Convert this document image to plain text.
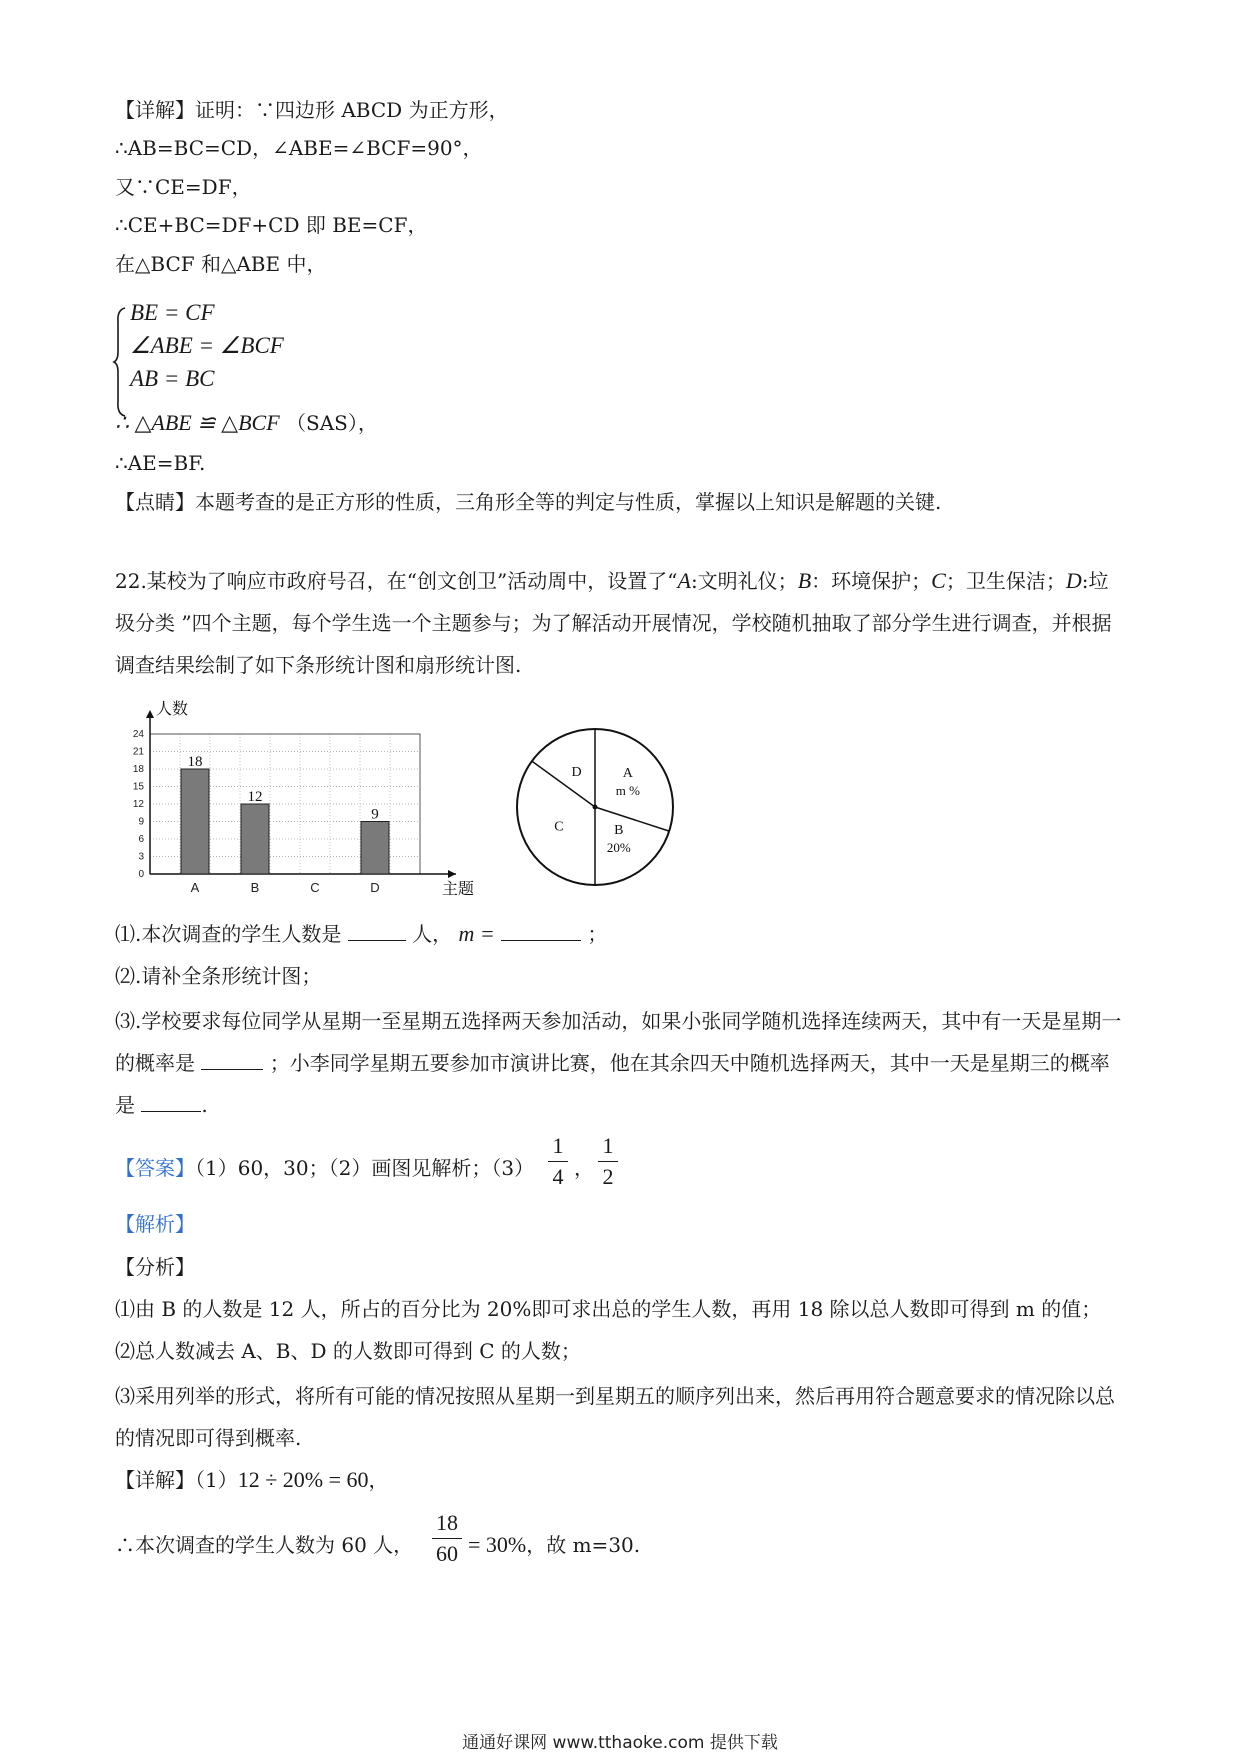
【详解】证明：∵四边形 ABCD 为正方形，
∴AB=BC=CD，∠ABE=∠BCF=90°，
又∵CE=DF，
∴CE+BC=DF+CD 即 BE=CF，
在△BCF 和△ABE 中，
BE = CF
∠ABE = ∠BCF
AB = BC
∴ △ABE ≌ △BCF （SAS），
∴AE=BF.
【点睛】本题考查的是正方形的性质，三角形全等的判定与性质，掌握以上知识是解题的关键.
22.某校为了响应市政府号召，在“创文创卫”活动周中，设置了“A:文明礼仪；B：环境保护；C；卫生保洁；D:垃圾分类 ”四个主题，每个学生选一个主题参与；为了解活动开展情况，学校随机抽取了部分学生进行调查，并根据调查结果绘制了如下条形统计图和扇形统计图.
0
3
6
9
12
15
18
21
24
人数
主题
A
18
B
12
C	D
9
A
m %
B
20%
C
D
⑴.本次调查的学生人数是	人， m =	；
⑵.请补全条形统计图；
⑶.学校要求每位同学从星期一至星期五选择两天参加活动，如果小张同学随机选择连续两天，其中有一天是星期一的概率是	；小李同学星期五要参加市演讲比赛，他在其余四天中随机选择两天，其中一天是星期三的概率是	.
【答案】（1）60，30；（2）画图见解析；（3）
1
4 ，
1
2
【解析】
【分析】
⑴由 B 的人数是 12 人，所占的百分比为 20%即可求出总的学生人数，再用 18 除以总人数即可得到 m 的值；
⑵总人数减去 A、B、D 的人数即可得到 C 的人数；
⑶采用列举的形式，将所有可能的情况按照从星期一到星期五的顺序列出来，然后再用符合题意要求的情况除以总的情况即可得到概率.
【详解】（1）12 ÷ 20% = 60，
∴本次调查的学生人数为 60 人，
18
60 = 30%，故 m=30.
通通好课网 www.tthaoke.com 提供下载
